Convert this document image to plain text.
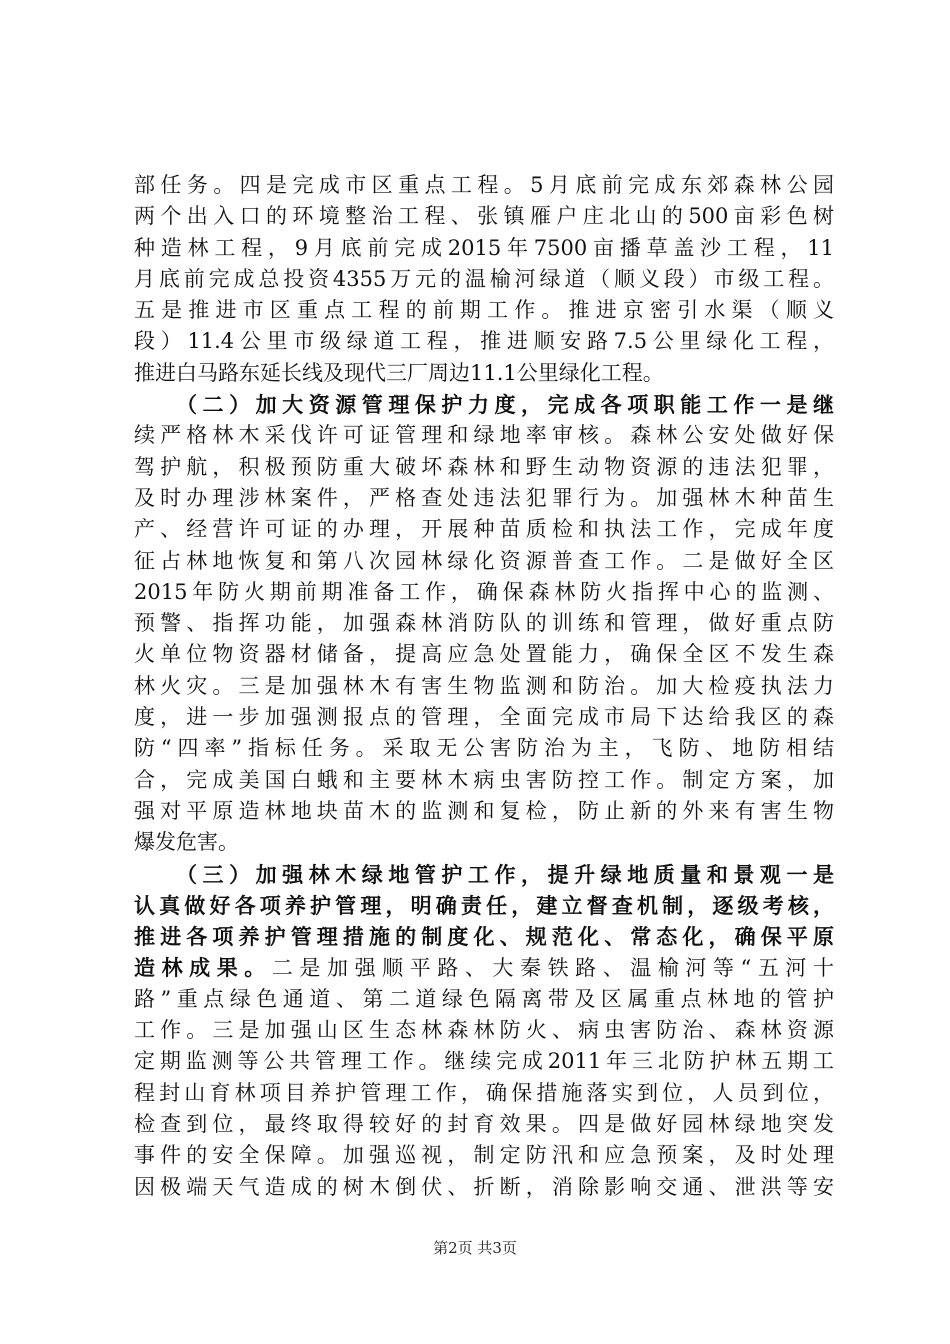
部任务。四是完成市区重点工程。5月底前完成东郊森林公园
两个出入口的环境整治工程、张镇雁户庄北山的500亩彩色树
种造林工程，9月底前完成2015年7500亩播草盖沙工程，11
月底前完成总投资4355万元的温榆河绿道（顺义段）市级工程。
五是推进市区重点工程的前期工作。推进京密引水渠（顺义
段）11.4公里市级绿道工程，推进顺安路7.5公里绿化工程，
推进白马路东延长线及现代三厂周边11.1公里绿化工程。
（二）加大资源管理保护力度，完成各项职能工作一是继
续严格林木采伐许可证管理和绿地率审核。森林公安处做好保
驾护航，积极预防重大破坏森林和野生动物资源的违法犯罪，
及时办理涉林案件，严格查处违法犯罪行为。加强林木种苗生
产、经营许可证的办理，开展种苗质检和执法工作，完成年度
征占林地恢复和第八次园林绿化资源普查工作。二是做好全区
2015年防火期前期准备工作，确保森林防火指挥中心的监测、
预警、指挥功能，加强森林消防队的训练和管理，做好重点防
火单位物资器材储备，提高应急处置能力，确保全区不发生森
林火灾。三是加强林木有害生物监测和防治。加大检疫执法力
度，进一步加强测报点的管理，全面完成市局下达给我区的森
防“四率”指标任务。采取无公害防治为主，飞防、地防相结
合，完成美国白蛾和主要林木病虫害防控工作。制定方案，加
强对平原造林地块苗木的监测和复检，防止新的外来有害生物
爆发危害。
（三）加强林木绿地管护工作，提升绿地质量和景观一是
认真做好各项养护管理，明确责任，建立督查机制，逐级考核，
推进各项养护管理措施的制度化、规范化、常态化，确保平原
造林成果。二是加强顺平路、大秦铁路、温榆河等“五河十
路”重点绿色通道、第二道绿色隔离带及区属重点林地的管护
工作。三是加强山区生态林森林防火、病虫害防治、森林资源
定期监测等公共管理工作。继续完成2011年三北防护林五期工
程封山育林项目养护管理工作，确保措施落实到位，人员到位，
检查到位，最终取得较好的封育效果。四是做好园林绿地突发
事件的安全保障。加强巡视，制定防汛和应急预案，及时处理
因极端天气造成的树木倒伏、折断，消除影响交通、泄洪等安
第2页 共3页
